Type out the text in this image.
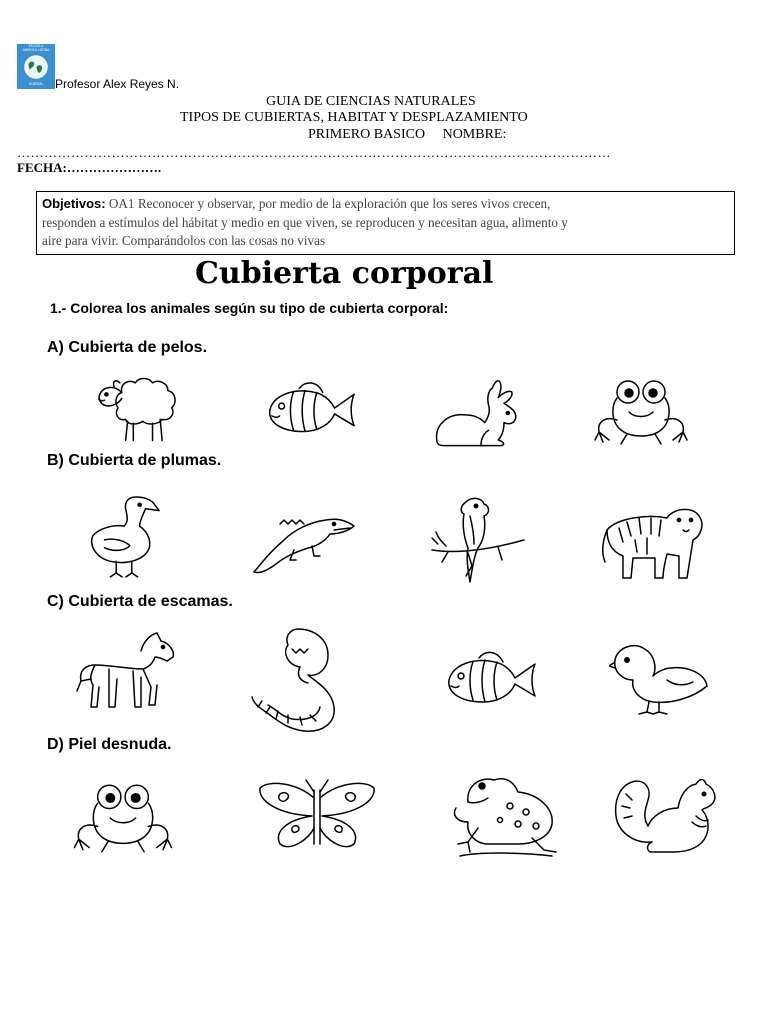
ESCUELA
AMERICA LATINA
HUERTAL Profesor Alex Reyes N.
GUIA DE CIENCIAS NATURALES
TIPOS DE CUBIERTAS, HABITAT Y DESPLAZAMIENTO
PRIMERO BASICO     NOMBRE:
……………………………………………………………………………………………………………………
FECHA:………………….
Objetivos: OA1 Reconocer y observar, por medio de la exploración que los seres vivos crecen,
responden a estímulos del hábitat y medio en que viven, se reproducen y necesitan agua, alimento y
aire para vivir. Comparándolos con las cosas no vivas
Cubierta corporal
1.- Colorea los animales según su tipo de cubierta corporal:
A) Cubierta de pelos.
B) Cubierta de plumas.
C) Cubierta de escamas.
D) Piel desnuda.
